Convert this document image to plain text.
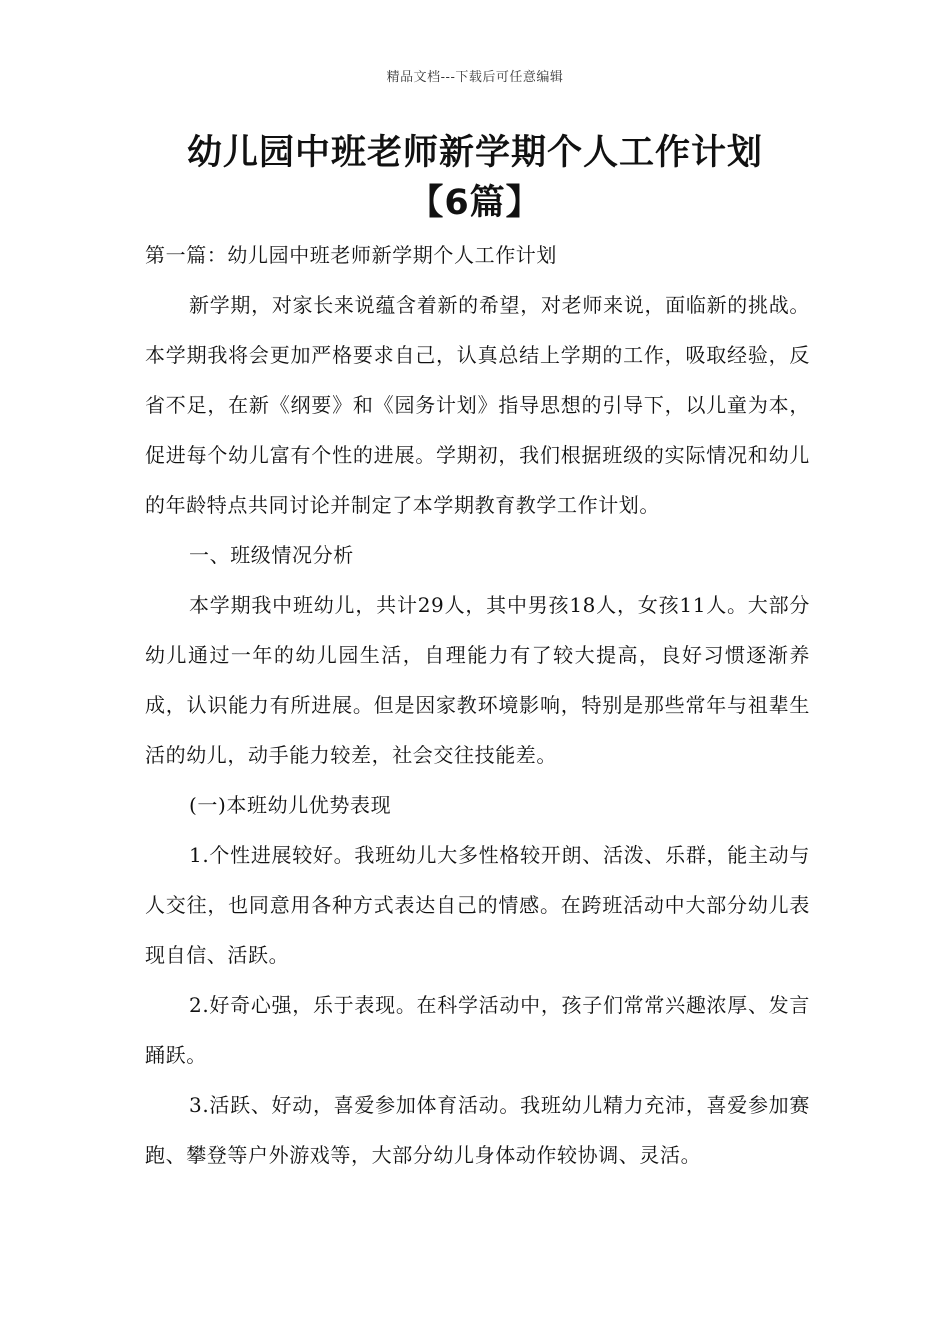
精品文档---下载后可任意编辑
幼儿园中班老师新学期个人工作计划
【6篇】

第一篇：幼儿园中班老师新学期个人工作计划

新学期，对家长来说蕴含着新的希望，对老师来说，面临新的挑战。本学期我将会更加严格要求自己，认真总结上学期的工作，吸取经验，反省不足，在新《纲要》和《园务计划》指导思想的引导下，以儿童为本，促进每个幼儿富有个性的进展。学期初，我们根据班级的实际情况和幼儿的年龄特点共同讨论并制定了本学期教育教学工作计划。

一、班级情况分析

本学期我中班幼儿，共计29人，其中男孩18人，女孩11人。大部分幼儿通过一年的幼儿园生活，自理能力有了较大提高，良好习惯逐渐养成，认识能力有所进展。但是因家教环境影响，特别是那些常年与祖辈生活的幼儿，动手能力较差，社会交往技能差。

(一)本班幼儿优势表现

1.个性进展较好。我班幼儿大多性格较开朗、活泼、乐群，能主动与人交往，也同意用各种方式表达自己的情感。在跨班活动中大部分幼儿表现自信、活跃。

2.好奇心强，乐于表现。在科学活动中，孩子们常常兴趣浓厚、发言踊跃。

3.活跃、好动，喜爱参加体育活动。我班幼儿精力充沛，喜爱参加赛跑、攀登等户外游戏等，大部分幼儿身体动作较协调、灵活。
